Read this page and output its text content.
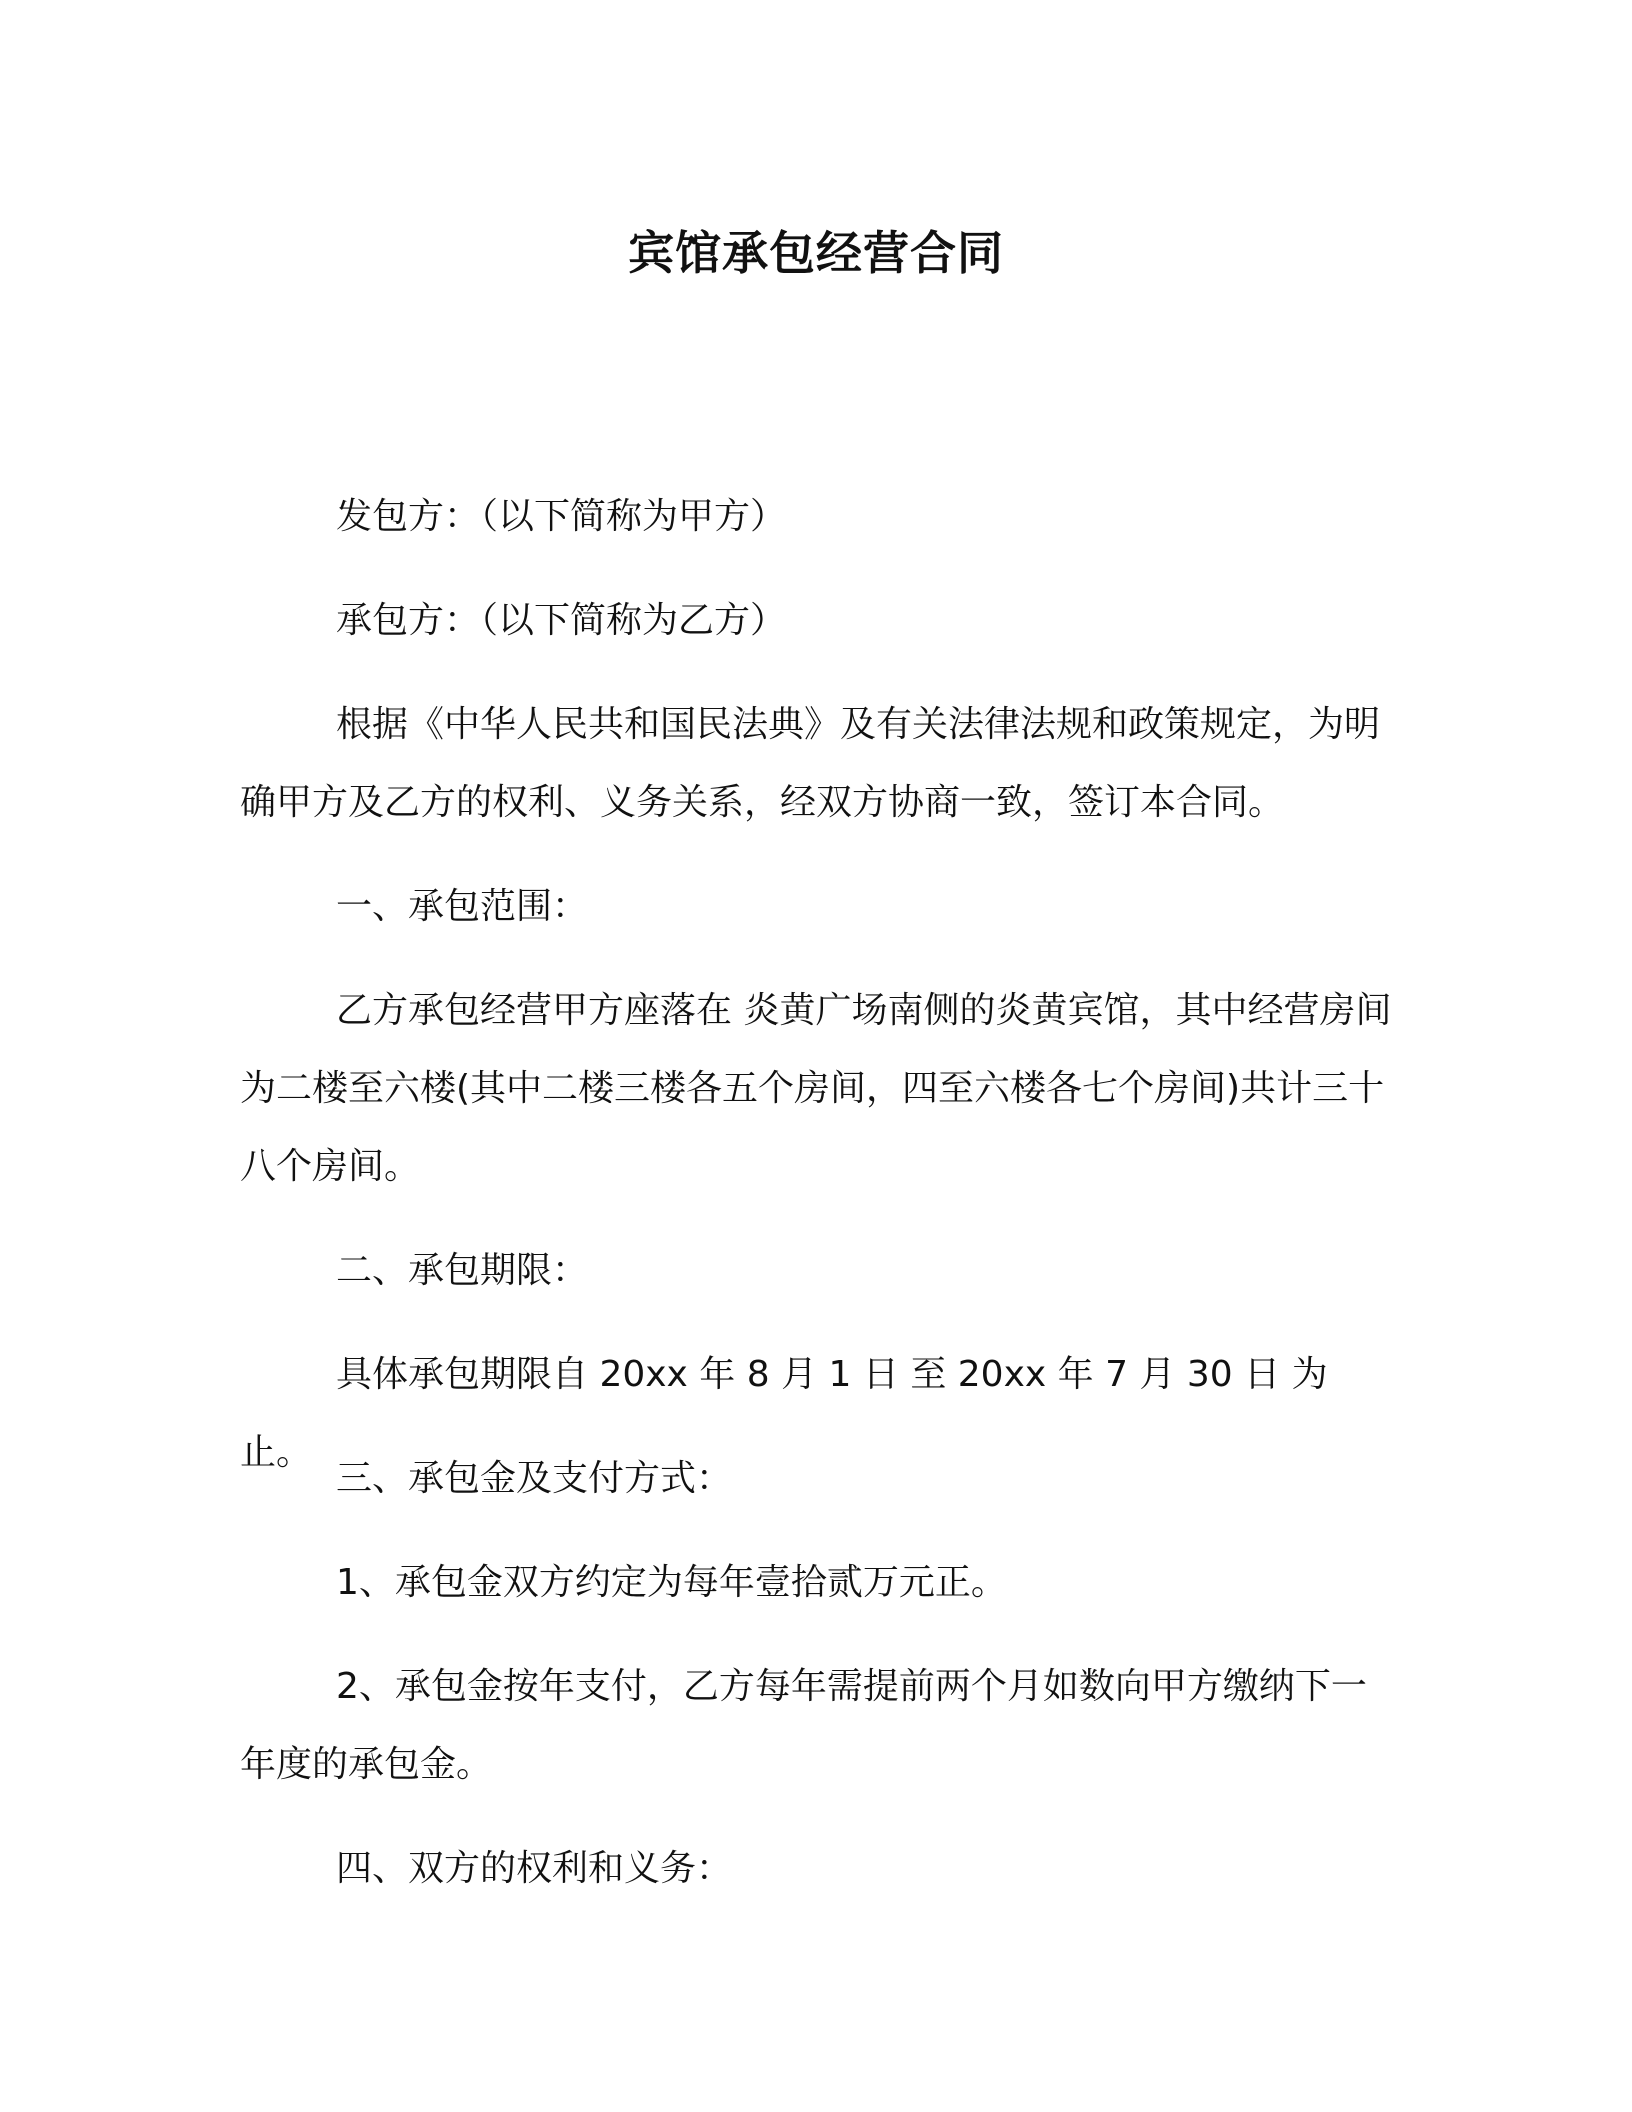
宾馆承包经营合同

发包方：（以下简称为甲方）

承包方：（以下简称为乙方）

根据《中华人民共和国民法典》及有关法律法规和政策规定，为明确甲方及乙方的权利、义务关系，经双方协商一致，签订本合同。

一、承包范围：

乙方承包经营甲方座落在 炎黄广场南侧的炎黄宾馆，其中经营房间为二楼至六楼(其中二楼三楼各五个房间，四至六楼各七个房间)共计三十八个房间。

二、承包期限：

具体承包期限自 20xx 年 8 月 1 日 至 20xx 年 7 月 30 日 为止。

三、承包金及支付方式：

1、承包金双方约定为每年壹拾贰万元正。

2、承包金按年支付，乙方每年需提前两个月如数向甲方缴纳下一年度的承包金。

四、双方的权利和义务：
